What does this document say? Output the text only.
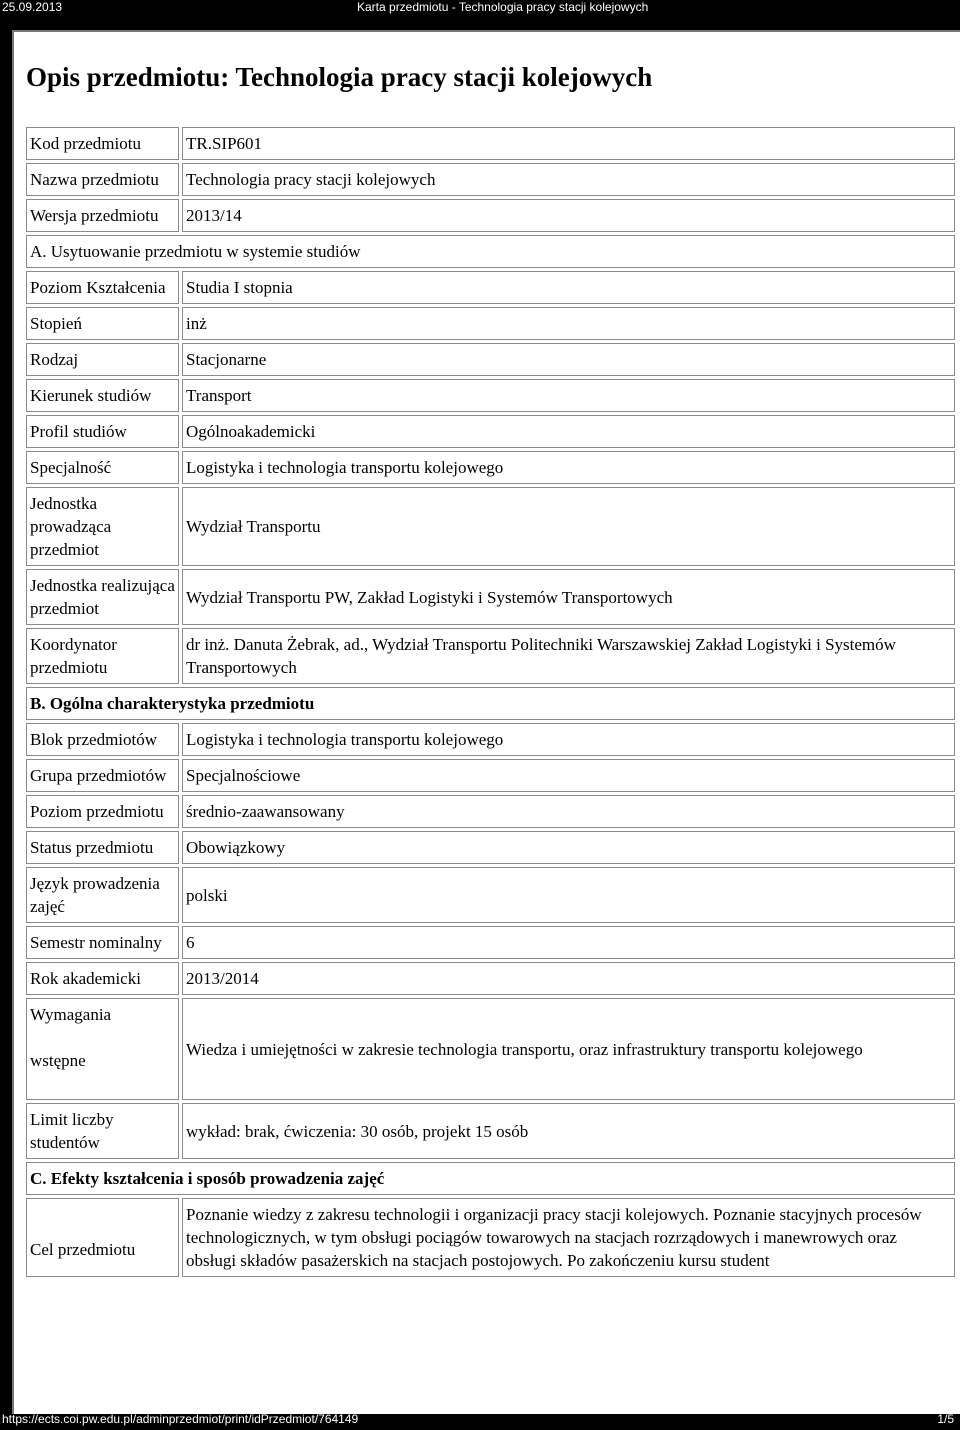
25.09.2013	Karta przedmiotu - Technologia pracy stacji kolejowych
Opis przedmiotu: Technologia pracy stacji kolejowych
Kod przedmiotu	TR.SIP601
Nazwa przedmiotu	Technologia pracy stacji kolejowych
Wersja przedmiotu	2013/14
A. Usytuowanie przedmiotu w systemie studiów	
Poziom Kształcenia	Studia I stopnia
Stopień	inż
Rodzaj	Stacjonarne
Kierunek studiów	Transport
Profil studiów	Ogólnoakademicki
Specjalność	Logistyka i technologia transportu kolejowego
Jednostka prowadząca przedmiot	Wydział Transportu
Jednostka realizująca przedmiot	Wydział Transportu PW, Zakład Logistyki i Systemów Transportowych
Koordynator przedmiotu	dr inż. Danuta Żebrak, ad., Wydział Transportu Politechniki Warszawskiej Zakład Logistyki i Systemów Transportowych
B. Ogólna charakterystyka przedmiotu	
Blok przedmiotów	Logistyka i technologia transportu kolejowego
Grupa przedmiotów	Specjalnościowe
Poziom przedmiotu	średnio-zaawansowany
Status przedmiotu	Obowiązkowy
Język prowadzenia zajęć	polski
Semestr nominalny	6
Rok akademicki	2013/2014
Wymagania

wstępne	Wiedza i umiejętności w zakresie technologia transportu, oraz infrastruktury transportu kolejowego
Limit liczby studentów	wykład: brak, ćwiczenia: 30 osób, projekt 15 osób
C. Efekty kształcenia i sposób prowadzenia zajęć	

Cel przedmiotu	Poznanie wiedzy z zakresu technologii i organizacji pracy stacji kolejowych. Poznanie stacyjnych procesów technologicznych, w tym obsługi pociągów towarowych na stacjach rozrządowych i manewrowych oraz obsługi składów pasażerskich na stacjach postojowych. Po zakończeniu kursu student
https://ects.coi.pw.edu.pl/adminprzedmiot/print/idPrzedmiot/764149	1/5
